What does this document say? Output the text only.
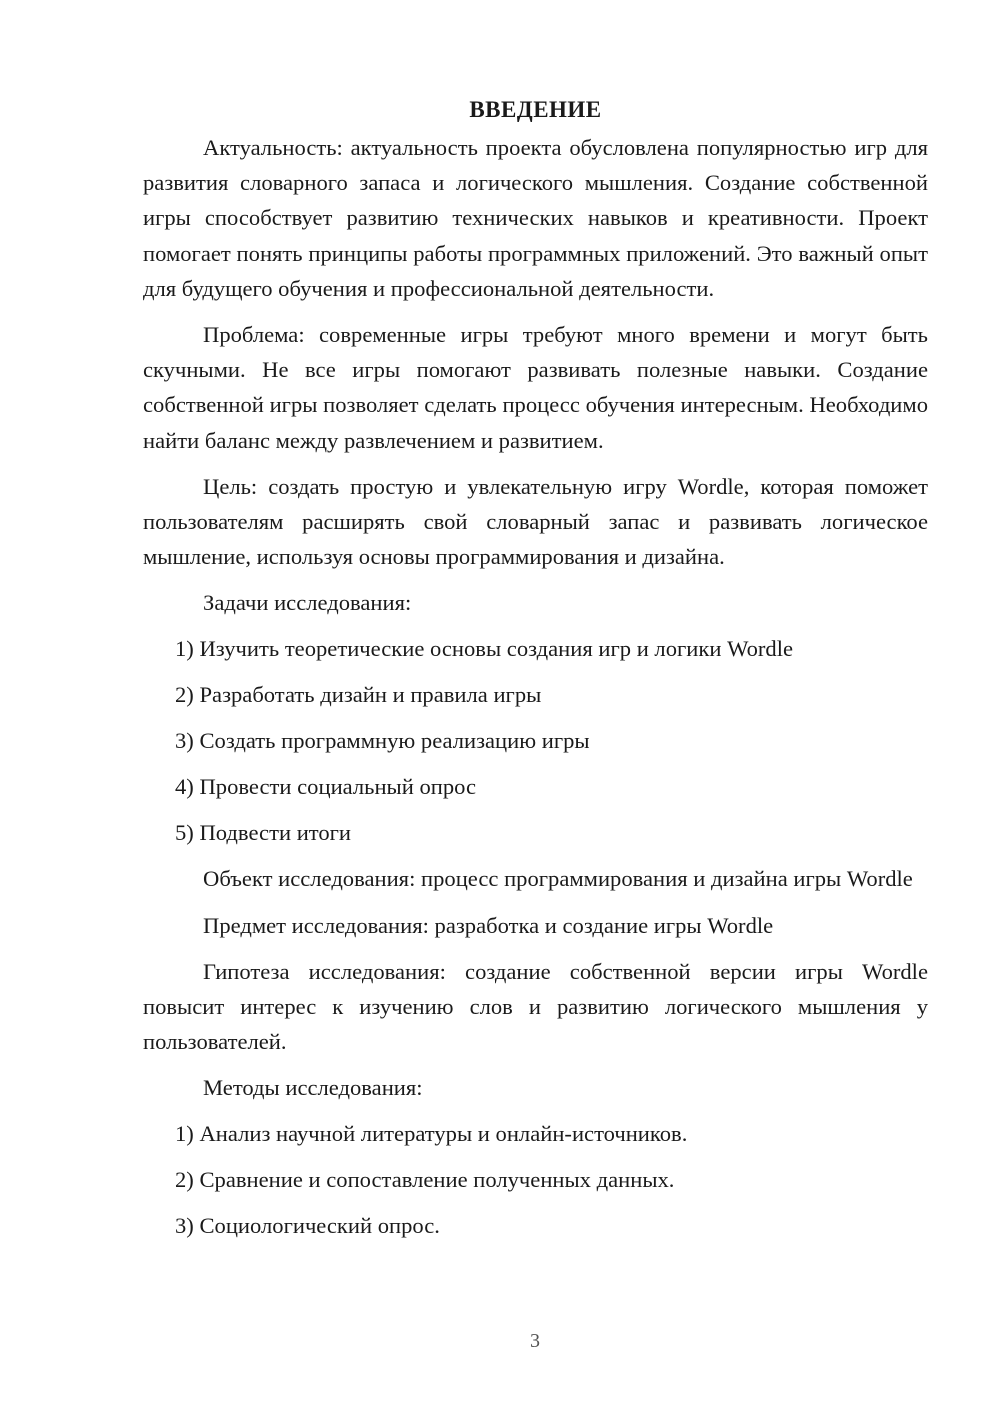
ВВЕДЕНИЕ

Актуальность: актуальность проекта обусловлена популярностью игр для развития словарного запаса и логического мышления. Создание собственной игры способствует развитию технических навыков и креативности. Проект помогает понять принципы работы программных приложений. Это важный опыт для будущего обучения и профессиональной деятельности.

Проблема: современные игры требуют много времени и могут быть скучными. Не все игры помогают развивать полезные навыки. Создание собственной игры позволяет сделать процесс обучения интересным. Необходимо найти баланс между развлечением и развитием.

Цель: создать простую и увлекательную игру Wordle, которая поможет пользователям расширять свой словарный запас и развивать логическое мышление, используя основы программирования и дизайна.

Задачи исследования:
1) Изучить теоретические основы создания игр и логики Wordle
2) Разработать дизайн и правила игры
3) Создать программную реализацию игры
4) Провести социальный опрос
5) Подвести итоги

Объект исследования: процесс программирования и дизайна игры Wordle

Предмет исследования: разработка и создание игры Wordle

Гипотеза исследования: создание собственной версии игры Wordle повысит интерес к изучению слов и развитию логического мышления у пользователей.

Методы исследования:
1) Анализ научной литературы и онлайн-источников.
2) Сравнение и сопоставление полученных данных.
3) Социологический опрос.
3
